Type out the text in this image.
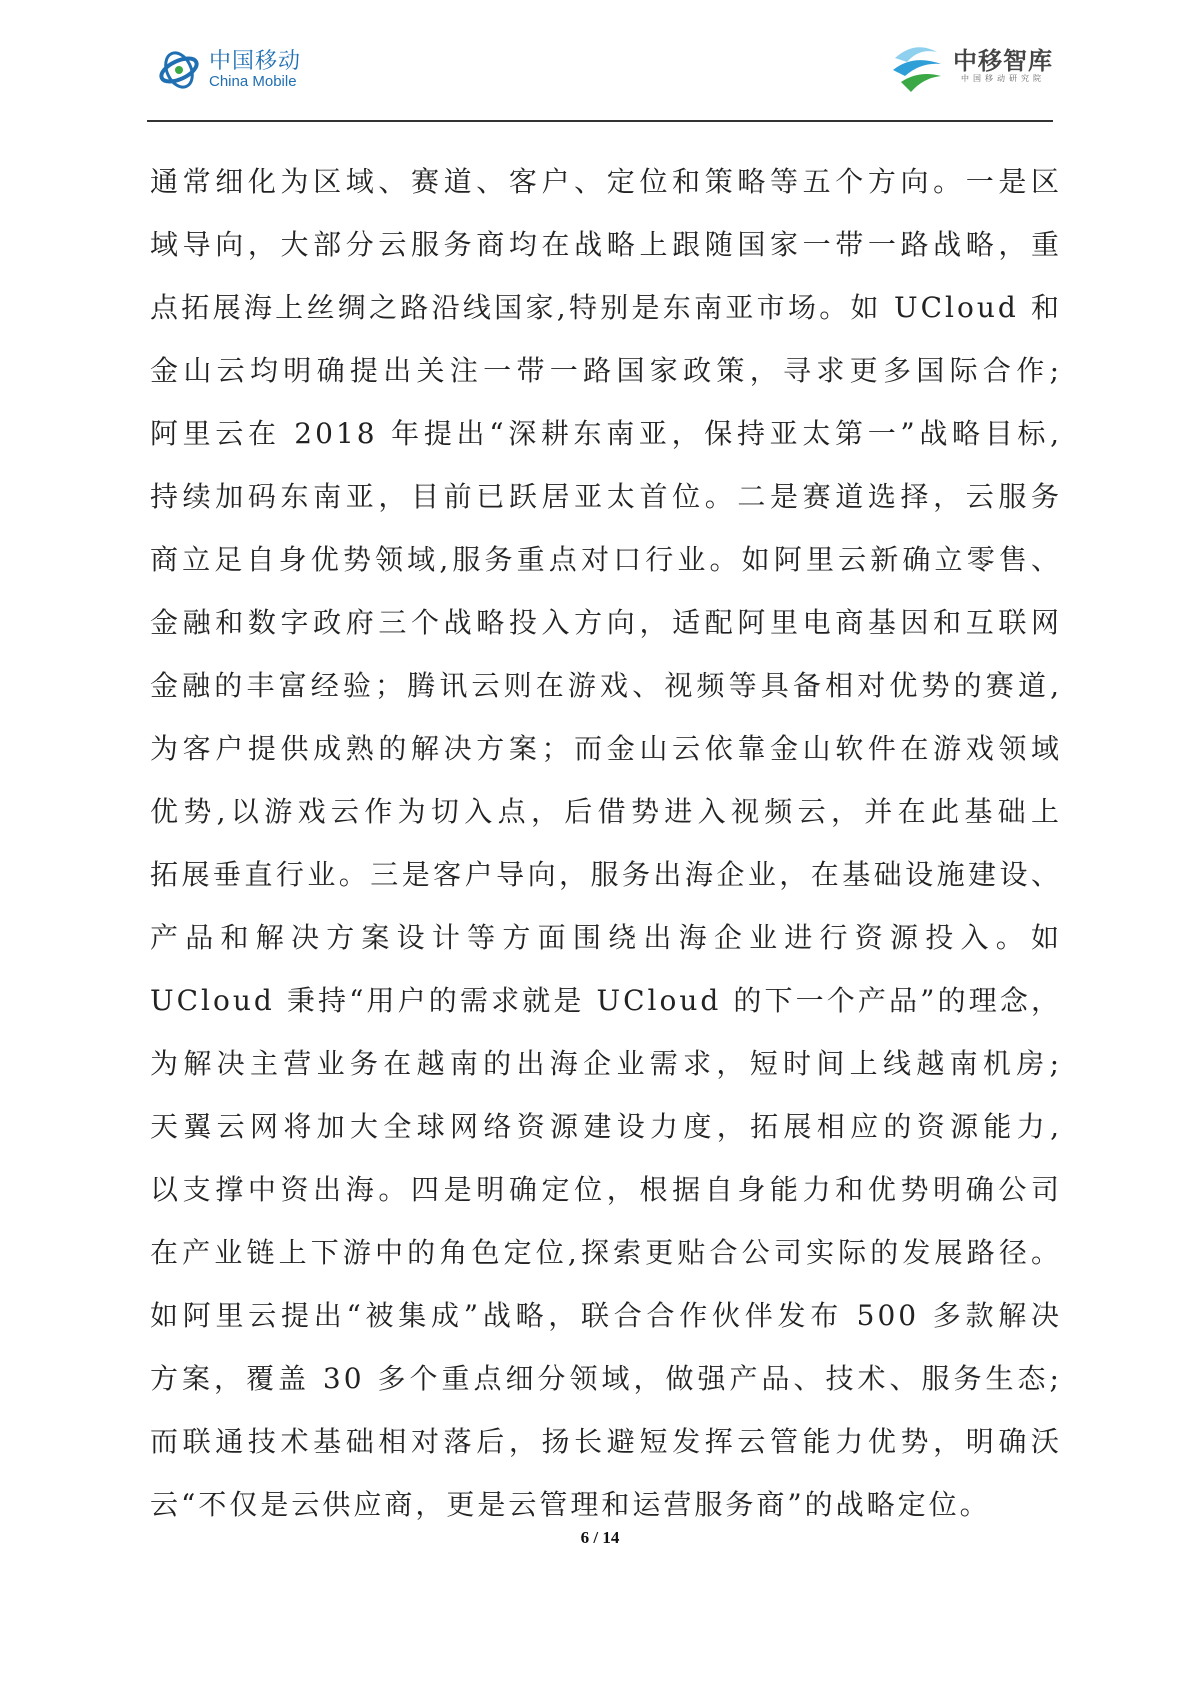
中国移动
China Mobile
中移智库
中国移动研究院

通常细化为区域、赛道、客户、定位和策略等五个方向。一是区

域导向，大部分云服务商均在战略上跟随国家一带一路战略，重

点拓展海上丝绸之路沿线国家,特别是东南亚市场。如 UCloud 和

金山云均明确提出关注一带一路国家政策，寻求更多国际合作;

阿里云在 2018 年提出“深耕东南亚，保持亚太第一”战略目标,

持续加码东南亚，目前已跃居亚太首位。二是赛道选择，云服务

商立足自身优势领域,服务重点对口行业。如阿里云新确立零售、

金融和数字政府三个战略投入方向，适配阿里电商基因和互联网

金融的丰富经验；腾讯云则在游戏、视频等具备相对优势的赛道,

为客户提供成熟的解决方案；而金山云依靠金山软件在游戏领域

优势,以游戏云作为切入点，后借势进入视频云，并在此基础上

拓展垂直行业。三是客户导向，服务出海企业，在基础设施建设、

产品和解决方案设计等方面围绕出海企业进行资源投入。如

UCloud 秉持“用户的需求就是 UCloud 的下一个产品”的理念，

为解决主营业务在越南的出海企业需求，短时间上线越南机房;

天翼云网将加大全球网络资源建设力度，拓展相应的资源能力,

以支撑中资出海。四是明确定位，根据自身能力和优势明确公司

在产业链上下游中的角色定位,探索更贴合公司实际的发展路径。

如阿里云提出“被集成”战略，联合合作伙伴发布 500 多款解决

方案，覆盖 30 多个重点细分领域，做强产品、技术、服务生态;

而联通技术基础相对落后，扬长避短发挥云管能力优势，明确沃

云“不仅是云供应商，更是云管理和运营服务商”的战略定位。

6 / 14
